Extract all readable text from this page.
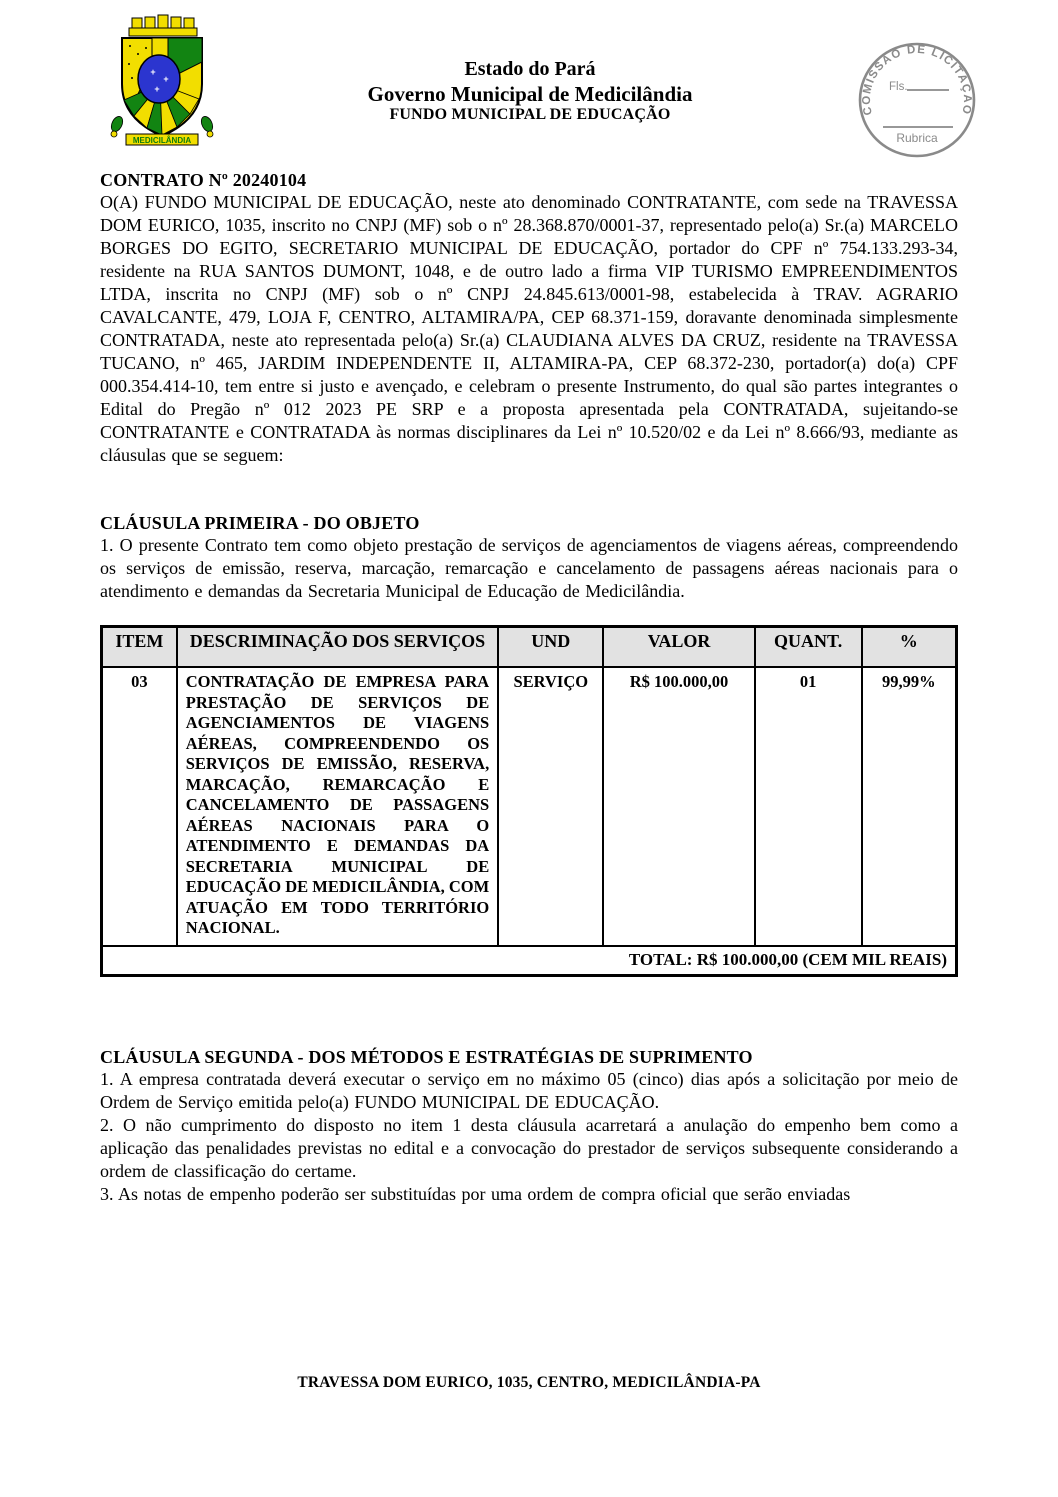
+
+
+
MEDICILÂNDIA
Estado do Pará
Governo Municipal de Medicilândia
FUNDO MUNICIPAL DE EDUCAÇÃO	COMISSÃO DE LICITAÇÃO
Fls.
Rubrica
CONTRATO Nº 20240104

O(A) FUNDO MUNICIPAL DE EDUCAÇÃO, neste ato denominado CONTRATANTE, com sede na TRAVESSA DOM EURICO, 1035, inscrito no CNPJ (MF) sob o nº 28.368.870/0001-37, representado pelo(a) Sr.(a) MARCELO BORGES DO EGITO, SECRETARIO MUNICIPAL DE EDUCAÇÃO, portador do CPF nº 754.133.293-34, residente na RUA SANTOS DUMONT, 1048, e de outro lado a firma VIP TURISMO EMPREENDIMENTOS LTDA, inscrita no CNPJ (MF) sob o nº CNPJ 24.845.613/0001-98, estabelecida à TRAV. AGRARIO CAVALCANTE, 479, LOJA F, CENTRO, ALTAMIRA/PA, CEP 68.371-159, doravante denominada simplesmente CONTRATADA, neste ato representada pelo(a) Sr.(a) CLAUDIANA ALVES DA CRUZ, residente na TRAVESSA TUCANO, nº 465, JARDIM INDEPENDENTE II, ALTAMIRA-PA, CEP 68.372-230, portador(a) do(a) CPF 000.354.414-10, tem entre si justo e avençado, e celebram o presente Instrumento, do qual são partes integrantes o Edital do Pregão nº 012 2023 PE SRP e a proposta apresentada pela CONTRATADA, sujeitando-se CONTRATANTE e CONTRATADA às normas disciplinares da Lei nº 10.520/02 e da Lei nº 8.666/93, mediante as cláusulas que se seguem:

CLÁUSULA PRIMEIRA - DO OBJETO

1. O presente Contrato tem como objeto prestação de serviços de agenciamentos de viagens aéreas, compreendendo os serviços de emissão, reserva, marcação, remarcação e cancelamento de passagens aéreas nacionais para o atendimento e demandas da Secretaria Municipal de Educação de Medicilândia.

ITEM	DESCRIMINAÇÃO DOS SERVIÇOS	UND	VALOR	QUANT.	%
03	CONTRATAÇÃO DE EMPRESA PARA PRESTAÇÃO DE SERVIÇOS DE AGENCIAMENTOS DE VIAGENS AÉREAS, COMPREENDENDO OS SERVIÇOS DE EMISSÃO, RESERVA, MARCAÇÃO, REMARCAÇÃO E CANCELAMENTO DE PASSAGENS AÉREAS NACIONAIS PARA O ATENDIMENTO E DEMANDAS DA SECRETARIA MUNICIPAL DE EDUCAÇÃO DE MEDICILÂNDIA, COM ATUAÇÃO EM TODO TERRITÓRIO NACIONAL.	SERVIÇO	R$ 100.000,00	01	99,99%
TOTAL: R$ 100.000,00 (CEM MIL REAIS)					
CLÁUSULA SEGUNDA - DOS MÉTODOS E ESTRATÉGIAS DE SUPRIMENTO

1. A empresa contratada deverá executar o serviço em no máximo 05 (cinco) dias após a solicitação por meio de Ordem de Serviço emitida pelo(a) FUNDO MUNICIPAL DE EDUCAÇÃO.

2. O não cumprimento do disposto no item 1 desta cláusula acarretará a anulação do empenho bem como a aplicação das penalidades previstas no edital e a convocação do prestador de serviços subsequente considerando a ordem de classificação do certame.

3. As notas de empenho poderão ser substituídas por uma ordem de compra oficial que serão enviadas

TRAVESSA DOM EURICO, 1035, CENTRO, MEDICILÂNDIA-PA
